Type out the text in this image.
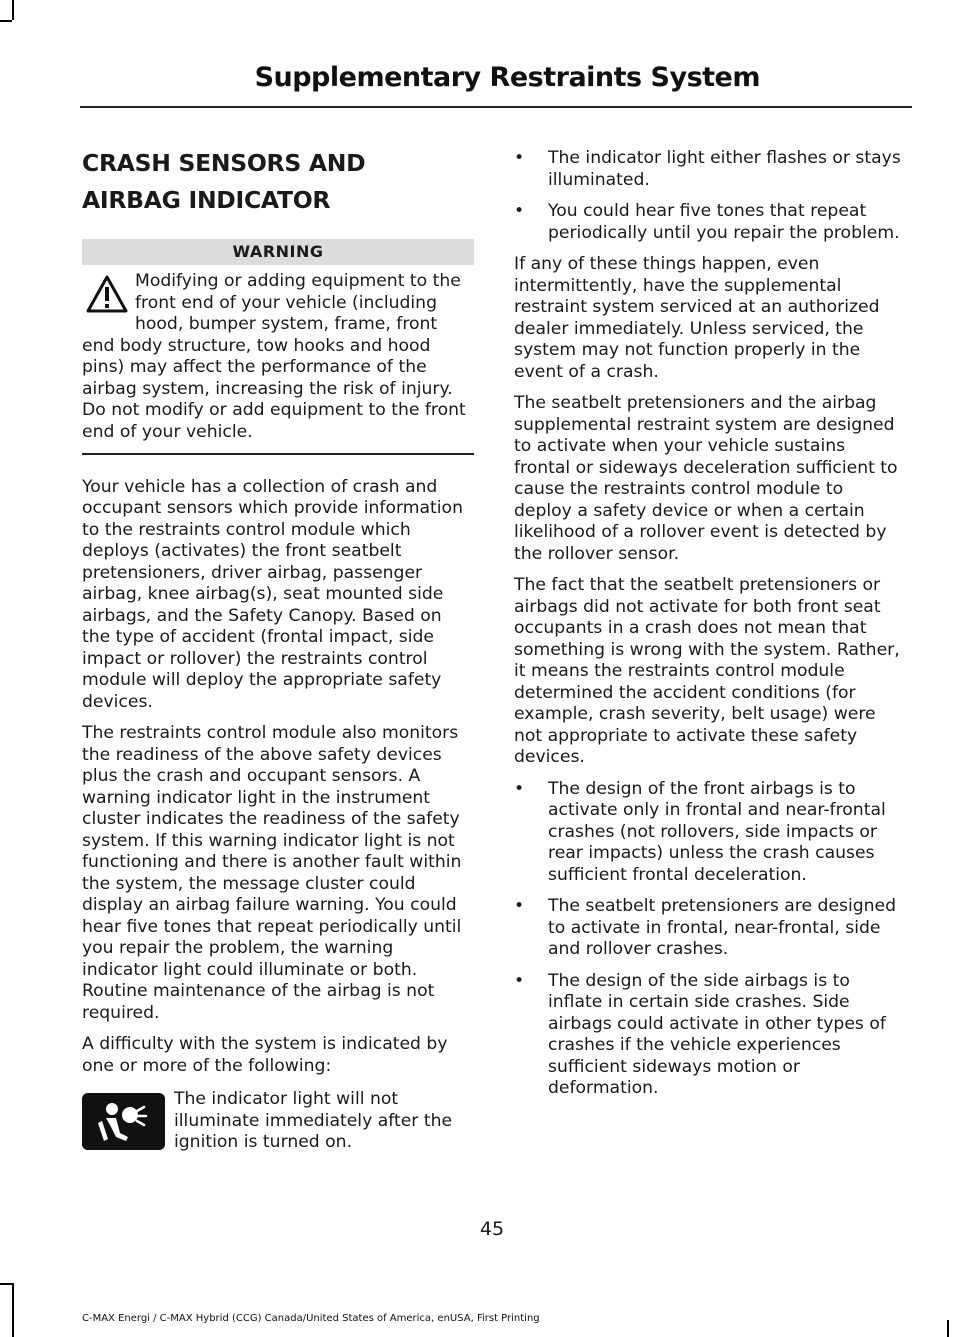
Supplementary Restraints System
CRASH SENSORS AND
AIRBAG INDICATOR
WARNING

Modifying or adding equipment to the front end of your vehicle (including hood, bumper system, frame, front end body structure, tow hooks and hood pins) may affect the performance of the airbag system, increasing the risk of injury. Do not modify or add equipment to the front end of your vehicle.

Your vehicle has a collection of crash and occupant sensors which provide information to the restraints control module which deploys (activates) the front seatbelt pretensioners, driver airbag, passenger airbag, knee airbag(s), seat mounted side airbags, and the Safety Canopy. Based on the type of accident (frontal impact, side impact or rollover) the restraints control module will deploy the appropriate safety devices.

The restraints control module also monitors the readiness of the above safety devices plus the crash and occupant sensors. A warning indicator light in the instrument cluster indicates the readiness of the safety system. If this warning indicator light is not functioning and there is another fault within the system, the message cluster could display an airbag failure warning. You could hear five tones that repeat periodically until you repair the problem, the warning indicator light could illuminate or both. Routine maintenance of the airbag is not required.

A difficulty with the system is indicated by one or more of the following:

The indicator light will not illuminate immediately after the ignition is turned on.

• The indicator light either flashes or stays illuminated.
• You could hear five tones that repeat periodically until you repair the problem.

If any of these things happen, even intermittently, have the supplemental restraint system serviced at an authorized dealer immediately. Unless serviced, the system may not function properly in the event of a crash.

The seatbelt pretensioners and the airbag supplemental restraint system are designed to activate when your vehicle sustains frontal or sideways deceleration sufficient to cause the restraints control module to deploy a safety device or when a certain likelihood of a rollover event is detected by the rollover sensor.

The fact that the seatbelt pretensioners or airbags did not activate for both front seat occupants in a crash does not mean that something is wrong with the system. Rather, it means the restraints control module determined the accident conditions (for example, crash severity, belt usage) were not appropriate to activate these safety devices.

• The design of the front airbags is to activate only in frontal and near-frontal crashes (not rollovers, side impacts or rear impacts) unless the crash causes sufficient frontal deceleration.
• The seatbelt pretensioners are designed to activate in frontal, near-frontal, side and rollover crashes.
• The design of the side airbags is to inflate in certain side crashes. Side airbags could activate in other types of crashes if the vehicle experiences sufficient sideways motion or deformation.
45
C-MAX Energi / C-MAX Hybrid (CCG) Canada/United States of America, enUSA, First Printing
